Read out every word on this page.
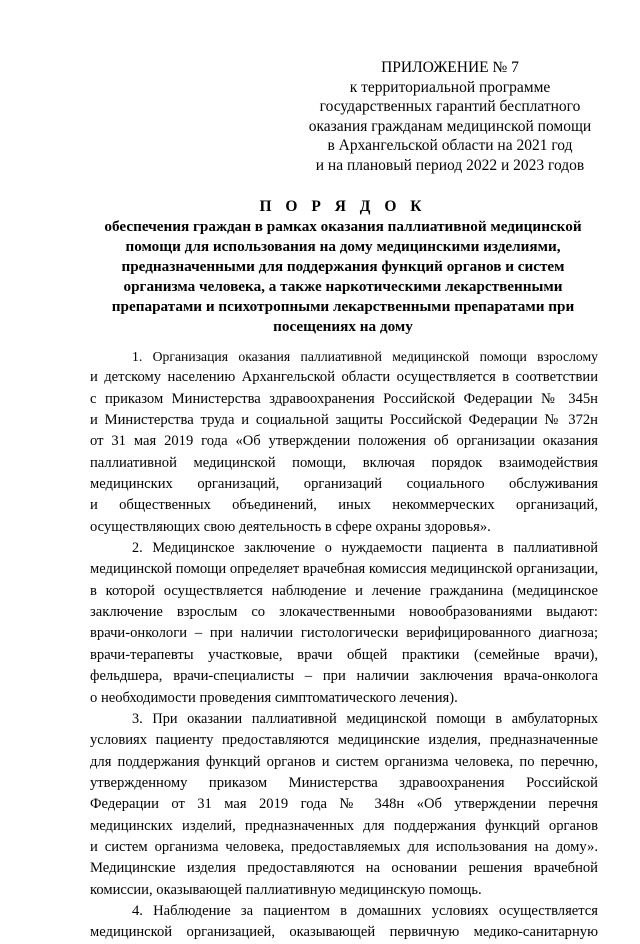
ПРИЛОЖЕНИЕ № 7
к территориальной программе
государственных гарантий бесплатного
оказания гражданам медицинской помощи
в Архангельской области на 2021 год
и на плановый период 2022 и 2023 годов
П О Р Я Д О К
обеспечения граждан в рамках оказания паллиативной медицинской
помощи для использования на дому медицинскими изделиями,
предназначенными для поддержания функций органов и систем
организма человека, а также наркотическими лекарственными
препаратами и психотропными лекарственными препаратами при
посещениях на дому

1. Организация оказания паллиативной медицинской помощи взрослому
и детскому населению Архангельской области осуществляется в соответствии
с приказом Министерства здравоохранения Российской Федерации № 345н
и Министерства труда и социальной защиты Российской Федерации № 372н
от 31 мая 2019 года «Об утверждении положения об организации оказания
паллиативной медицинской помощи, включая порядок взаимодействия
медицинских организаций, организаций социального обслуживания
и общественных объединений, иных некоммерческих организаций,
осуществляющих свою деятельность в сфере охраны здоровья».

2. Медицинское заключение о нуждаемости пациента в паллиативной
медицинской помощи определяет врачебная комиссия медицинской организации,
в которой осуществляется наблюдение и лечение гражданина (медицинское
заключение взрослым со злокачественными новообразованиями выдают:
врачи-онкологи – при наличии гистологически верифицированного диагноза;
врачи-терапевты участковые, врачи общей практики (семейные врачи),
фельдшера, врачи-специалисты – при наличии заключения врача-онколога
о необходимости проведения симптоматического лечения).

3. При оказании паллиативной медицинской помощи в амбулаторных
условиях пациенту предоставляются медицинские изделия, предназначенные
для поддержания функций органов и систем организма человека, по перечню,
утвержденному приказом Министерства здравоохранения Российской
Федерации от 31 мая 2019 года № 348н «Об утверждении перечня
медицинских изделий, предназначенных для поддержания функций органов
и систем организма человека, предоставляемых для использования на дому».
Медицинские изделия предоставляются на основании решения врачебной
комиссии, оказывающей паллиативную медицинскую помощь.

4. Наблюдение за пациентом в домашних условиях осуществляется
медицинской организацией, оказывающей первичную медико-санитарную
